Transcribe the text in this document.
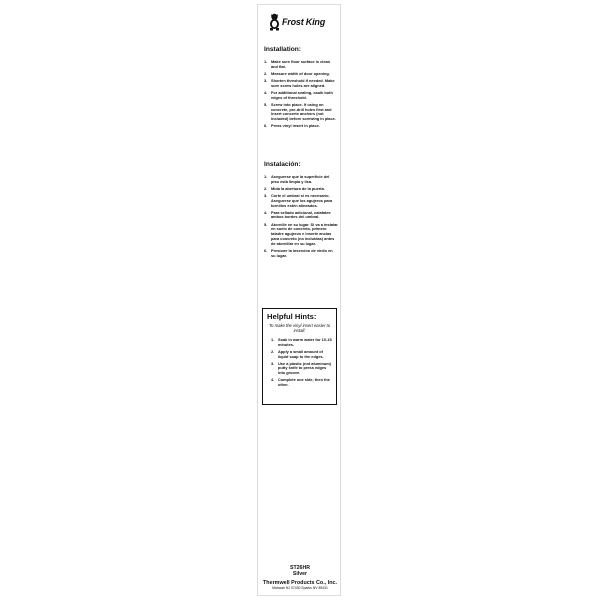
Frost King
Installation:
1. Make sure floor surface is clean and flat.
2. Measure width of door opening.
3. Shorten threshold if needed. Make sure screw holes are aligned.
4. For additional sealing, caulk both edges of threshold.
5. Screw into place. If using on concrete, pre-drill holes first and insert concrete anchors (not included) before screwing in place.
6. Press vinyl insert in place.
Instalación:
1. Asegurese que la superficie del piso está limpia y lisa.
2. Mida la abertura de la puerta.
3. Corte el umbral si es necesario. Asegurese que los agujeros para tornillos estén alineados.
4. Para sellado adicional, calafatee ambos bordes del umbral.
5. Atornille en su lugar. Si va a instalar en suelo de concreto, primero taladre agujeros e inserte anclas para concreto (no incluidas) antes de atornillar en su lugar.
6. Presione la inserción de vinilo en su lugar.
Helpful Hints:
To make the vinyl insert easier to install:
1. Soak in warm water for 10-15 minutes.
2. Apply a small amount of liquid soap to the edges.
3. Use a plastic (not aluminum) putty knife to press edges into groove.
4. Complete one side, then the other.
ST26HR
Silver
Thermwell Products Co., Inc.
Mahwah NJ 07430 Sparks NV 89431
